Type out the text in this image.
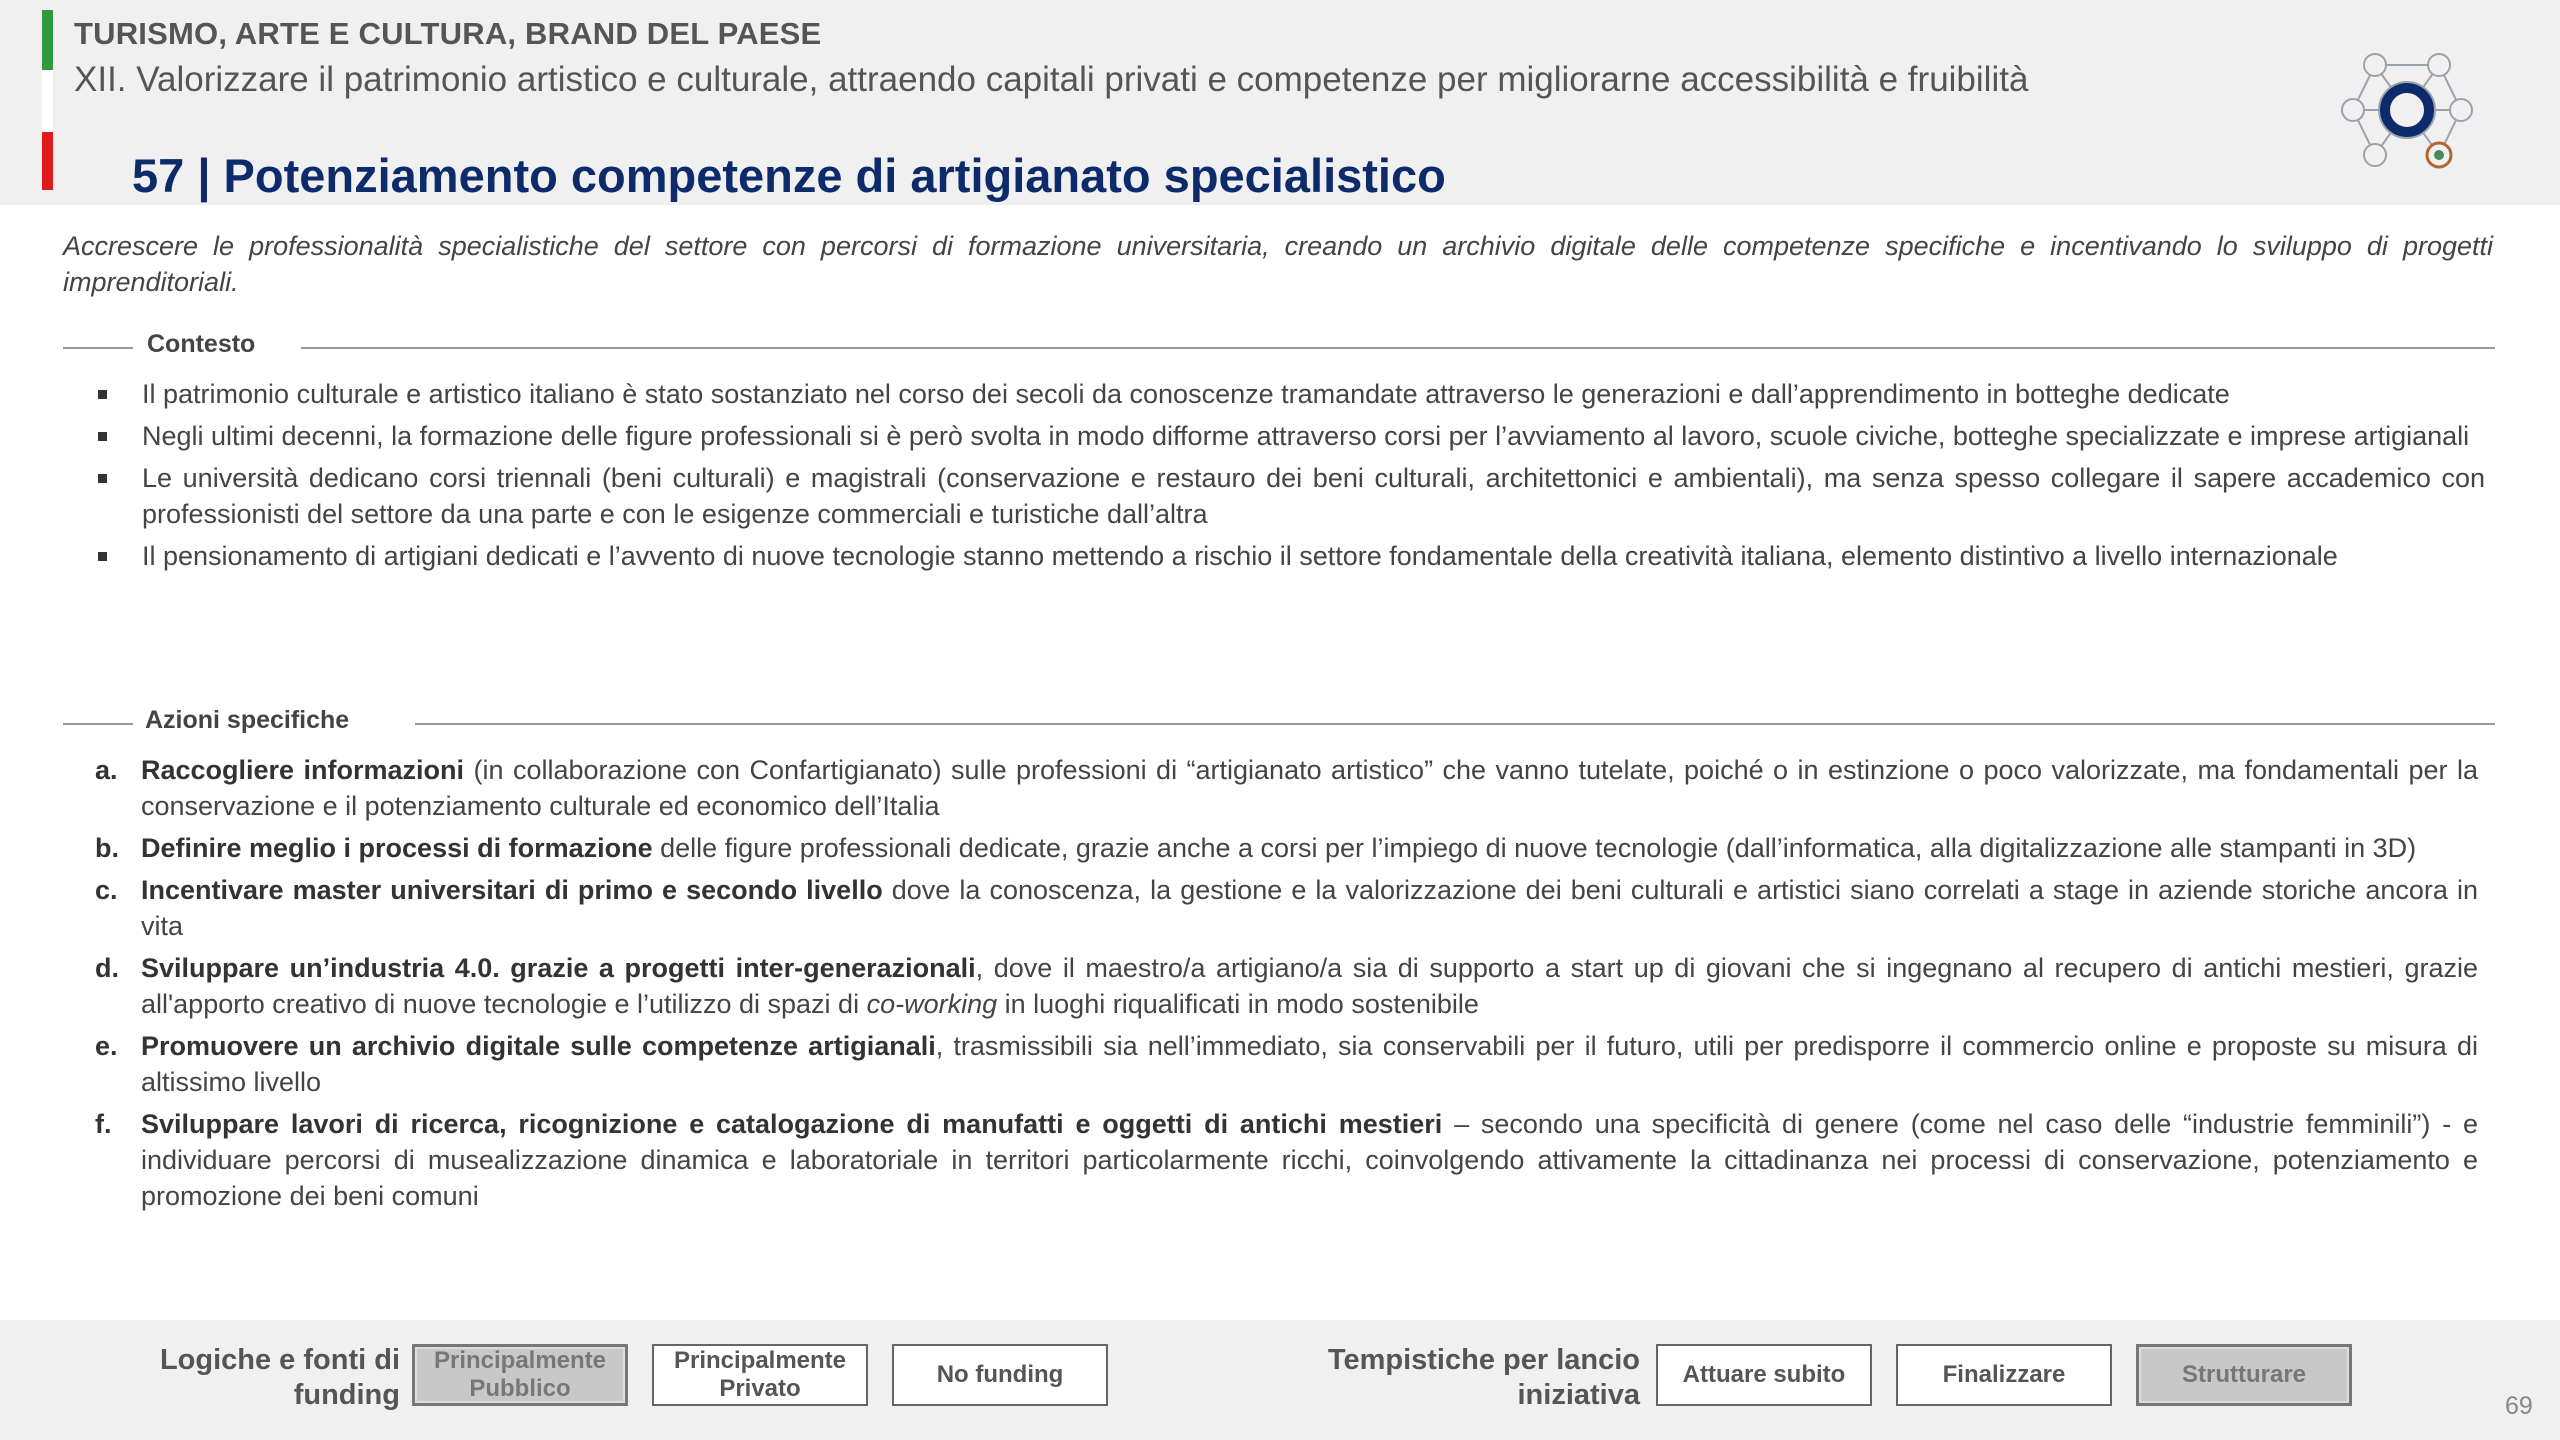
TURISMO, ARTE E CULTURA, BRAND DEL PAESE
XII. Valorizzare il patrimonio artistico e culturale, attraendo capitali privati e competenze per migliorarne accessibilità e fruibilità
57 | Potenziamento competenze di artigianato specialistico

Accrescere le professionalità specialistiche del settore con percorsi di formazione universitaria, creando un archivio digitale delle competenze specifiche e incentivando lo sviluppo di progetti imprenditoriali.

Contesto
Il patrimonio culturale e artistico italiano è stato sostanziato nel corso dei secoli da conoscenze tramandate attraverso le generazioni e dall’apprendimento in botteghe dedicate
Negli ultimi decenni, la formazione delle figure professionali si è però svolta in modo difforme attraverso corsi per l’avviamento al lavoro, scuole civiche, botteghe specializzate e imprese artigianali
Le università dedicano corsi triennali (beni culturali) e magistrali (conservazione e restauro dei beni culturali, architettonici e ambientali), ma senza spesso collegare il sapere accademico con professionisti del settore da una parte e con le esigenze commerciali e turistiche dall’altra
Il pensionamento di artigiani dedicati e l’avvento di nuove tecnologie stanno mettendo a rischio il settore fondamentale della creatività italiana, elemento distintivo a livello internazionale
Azioni specifiche
a. Raccogliere informazioni (in collaborazione con Confartigianato) sulle professioni di “artigianato artistico” che vanno tutelate, poiché o in estinzione o poco valorizzate, ma fondamentali per la conservazione e il potenziamento culturale ed economico dell’Italia
b. Definire meglio i processi di formazione delle figure professionali dedicate, grazie anche a corsi per l’impiego di nuove tecnologie (dall’informatica, alla digitalizzazione alle stampanti in 3D)
c. Incentivare master universitari di primo e secondo livello dove la conoscenza, la gestione e la valorizzazione dei beni culturali e artistici siano correlati a stage in aziende storiche ancora in vita
d. Sviluppare un’industria 4.0. grazie a progetti inter-generazionali, dove il maestro/a artigiano/a sia di supporto a start up di giovani che si ingegnano al recupero di antichi mestieri, grazie all'apporto creativo di nuove tecnologie e l’utilizzo di spazi di co-working in luoghi riqualificati in modo sostenibile
e. Promuovere un archivio digitale sulle competenze artigianali, trasmissibili sia nell’immediato, sia conservabili per il futuro, utili per predisporre il commercio online e proposte su misura di altissimo livello
f. Sviluppare lavori di ricerca, ricognizione e catalogazione di manufatti e oggetti di antichi mestieri – secondo una specificità di genere (come nel caso delle “industrie femminili”) - e individuare percorsi di musealizzazione dinamica e laboratoriale in territori particolarmente ricchi, coinvolgendo attivamente la cittadinanza nei processi di conservazione, potenziamento e promozione dei beni comuni
Logiche e fonti di
funding
Principalmente
Pubblico
Principalmente
Privato
No funding	Tempistiche per lancio
iniziativa
Attuare subito	Finalizzare	Strutturare
69
